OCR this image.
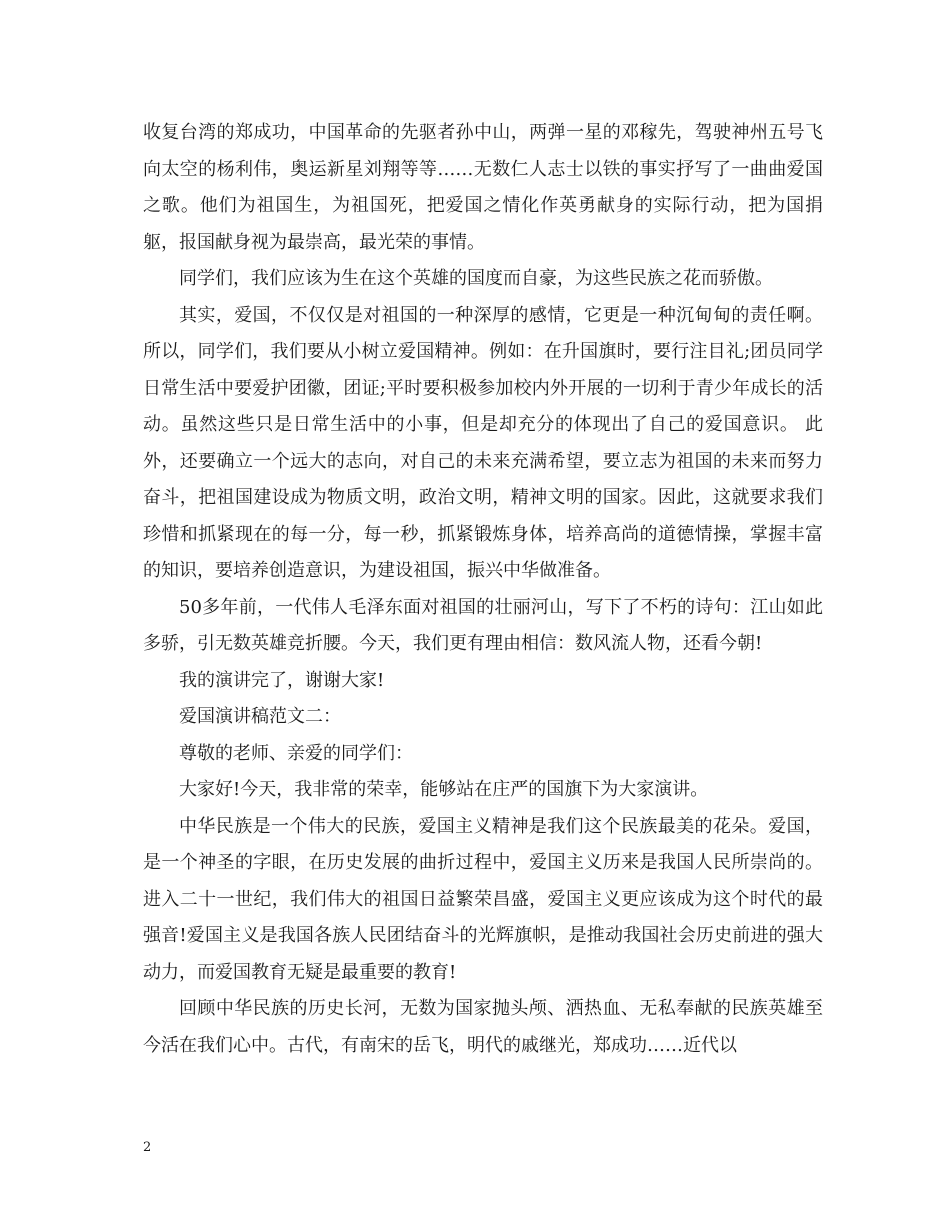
收复台湾的郑成功，中国革命的先驱者孙中山，两弹一星的邓稼先，驾驶神州五号飞向太空的杨利伟，奥运新星刘翔等等……无数仁人志士以铁的事实抒写了一曲曲爱国之歌。他们为祖国生，为祖国死，把爱国之情化作英勇献身的实际行动，把为国捐躯，报国献身视为最崇高，最光荣的事情。

同学们，我们应该为生在这个英雄的国度而自豪，为这些民族之花而骄傲。

其实，爱国，不仅仅是对祖国的一种深厚的感情，它更是一种沉甸甸的责任啊。所以，同学们，我们要从小树立爱国精神。例如：在升国旗时，要行注目礼;团员同学日常生活中要爱护团徽，团证;平时要积极参加校内外开展的一切利于青少年成长的活动。虽然这些只是日常生活中的小事，但是却充分的体现出了自己的爱国意识。 此外，还要确立一个远大的志向，对自己的未来充满希望，要立志为祖国的未来而努力奋斗，把祖国建设成为物质文明，政治文明，精神文明的国家。因此，这就要求我们珍惜和抓紧现在的每一分，每一秒，抓紧锻炼身体，培养高尚的道德情操，掌握丰富的知识，要培养创造意识，为建设祖国，振兴中华做准备。

50多年前，一代伟人毛泽东面对祖国的壮丽河山，写下了不朽的诗句：江山如此多骄，引无数英雄竞折腰。今天，我们更有理由相信：数风流人物，还看今朝!

我的演讲完了，谢谢大家!

爱国演讲稿范文二：

尊敬的老师、亲爱的同学们：

大家好!今天，我非常的荣幸，能够站在庄严的国旗下为大家演讲。

中华民族是一个伟大的民族，爱国主义精神是我们这个民族最美的花朵。爱国，是一个神圣的字眼，在历史发展的曲折过程中，爱国主义历来是我国人民所崇尚的。进入二十一世纪，我们伟大的祖国日益繁荣昌盛，爱国主义更应该成为这个时代的最强音!爱国主义是我国各族人民团结奋斗的光辉旗帜，是推动我国社会历史前进的强大动力，而爱国教育无疑是最重要的教育!

回顾中华民族的历史长河，无数为国家抛头颅、洒热血、无私奉献的民族英雄至今活在我们心中。古代，有南宋的岳飞，明代的戚继光，郑成功……近代以

2
